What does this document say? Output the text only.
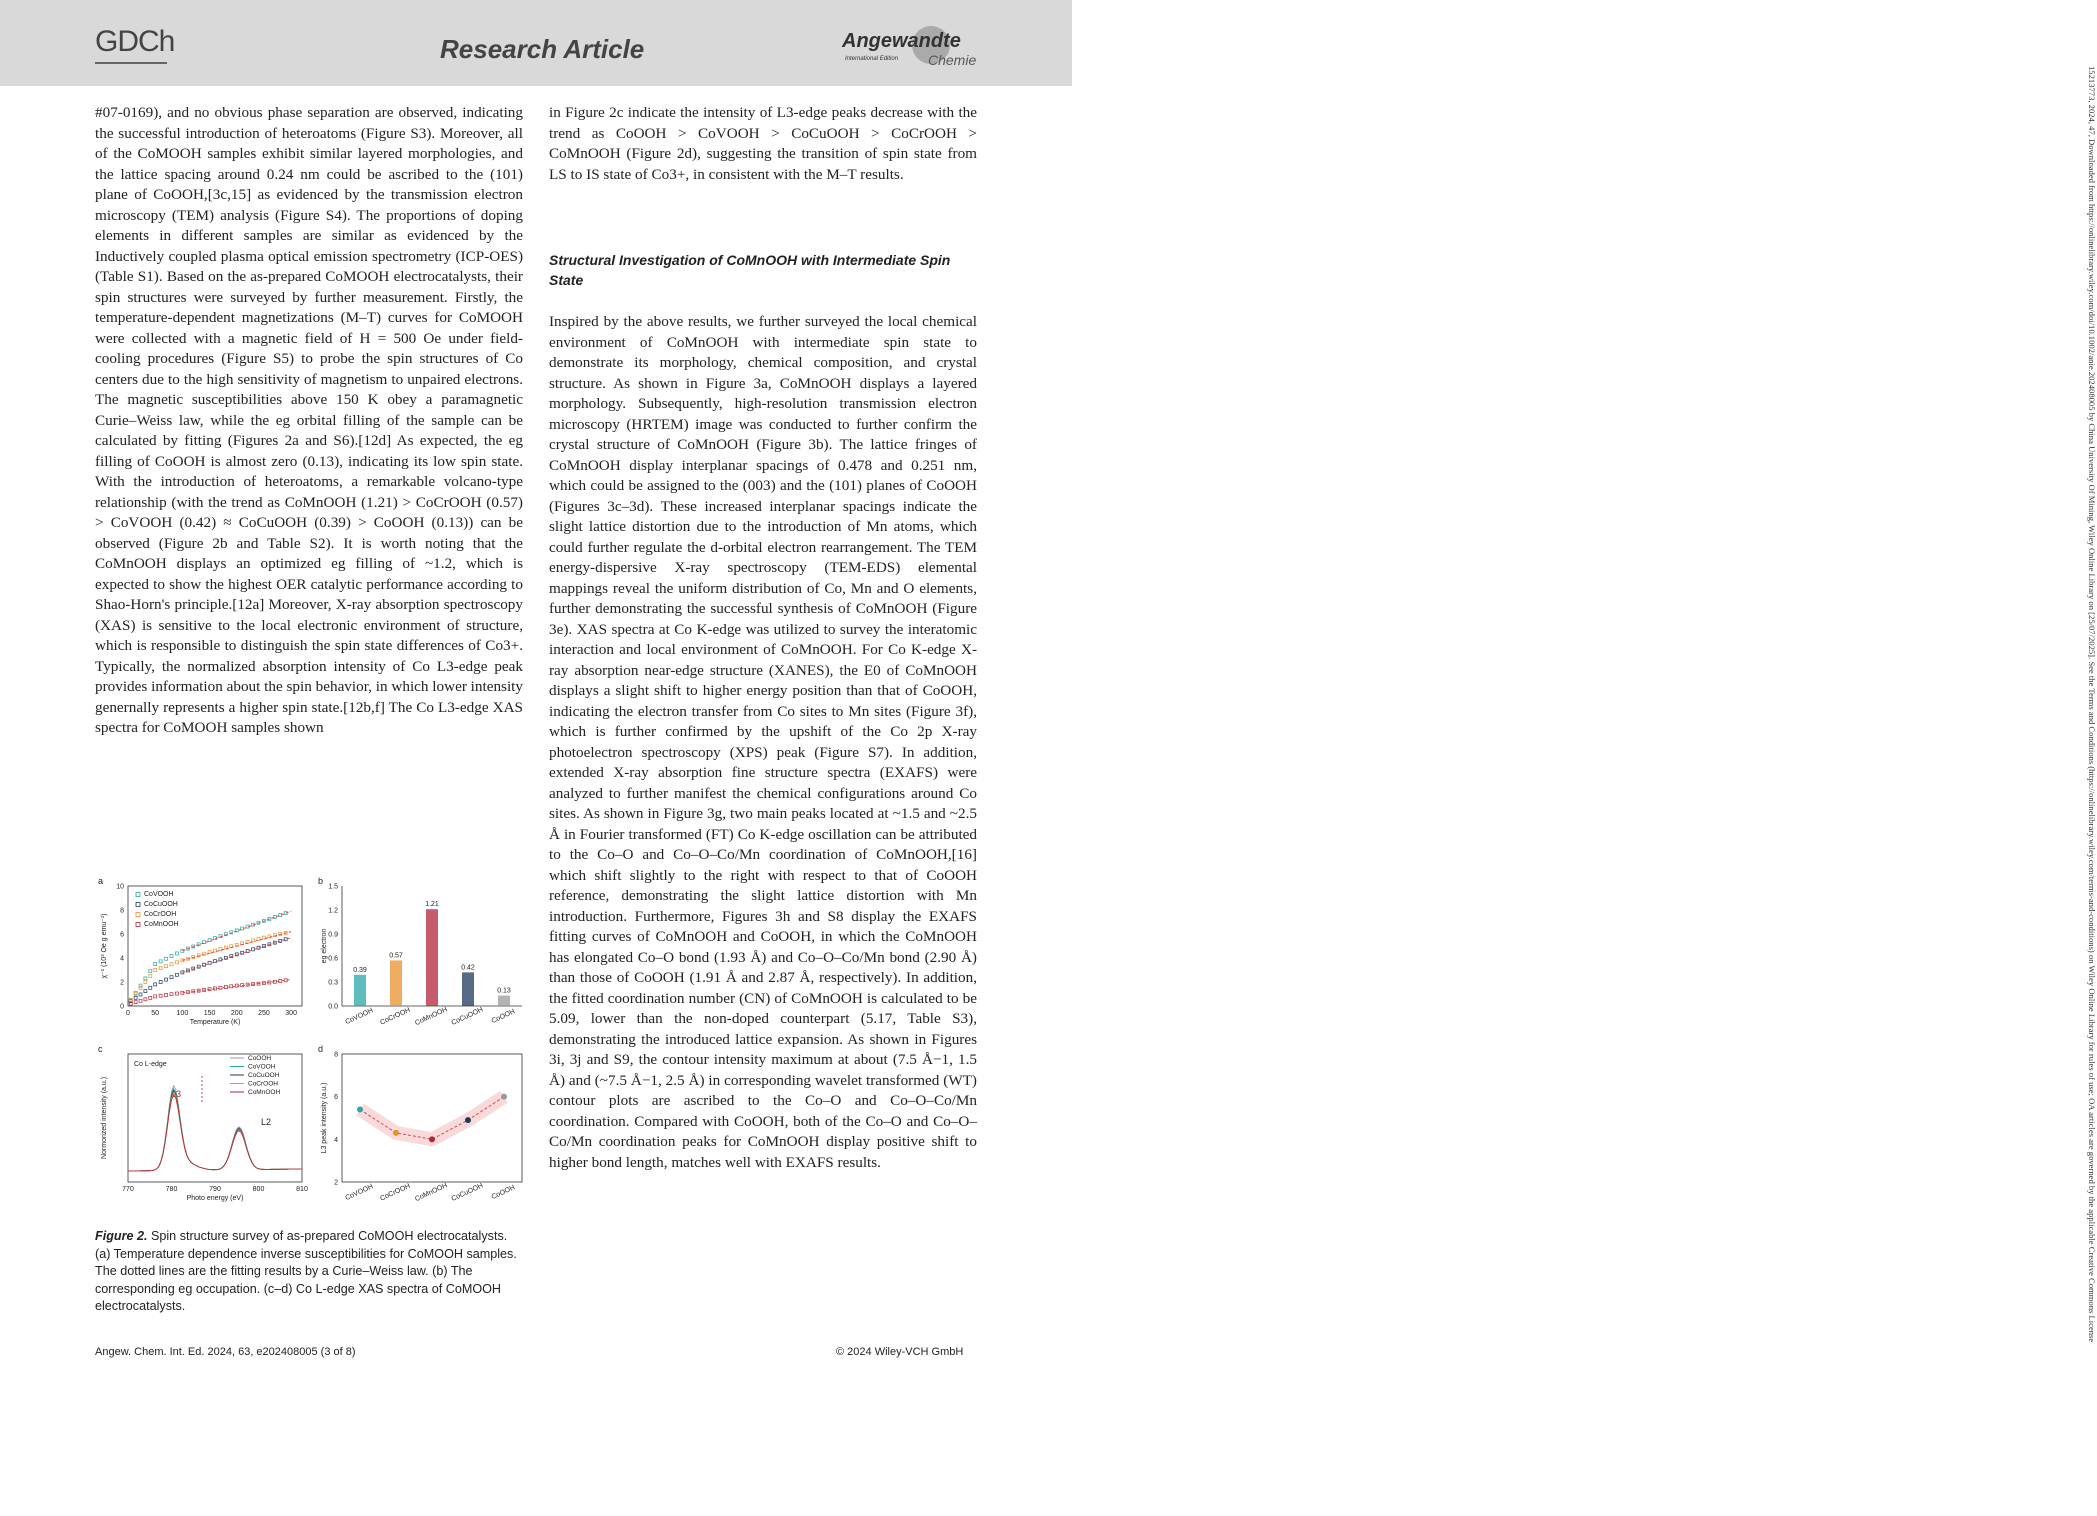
GDCh	Research Article	Angewandte
International Edition Chemie
15213773, 2024, 47, Downloaded from https://onlinelibrary.wiley.com/doi/10.1002/anie.202408005 by China University Of Mining, Wiley Online Library on [25/07/2025]. See the Terms and Conditions (https://onlinelibrary.wiley.com/terms-and-conditions) on Wiley Online Library for rules of use; OA articles are governed by the applicable Creative Commons License

#07-0169), and no obvious phase separation are observed, indicating the successful introduction of heteroatoms (Figure S3). Moreover, all of the CoMOOH samples exhibit similar layered morphologies, and the lattice spacing around 0.24 nm could be ascribed to the (101) plane of CoOOH,[3c,15] as evidenced by the transmission electron microscopy (TEM) analysis (Figure S4). The proportions of doping elements in different samples are similar as evidenced by the Inductively coupled plasma optical emission spectrometry (ICP-OES) (Table S1). Based on the as-prepared CoMOOH electrocatalysts, their spin structures were surveyed by further measurement. Firstly, the temperature-dependent magnetizations (M–T) curves for CoMOOH were collected with a magnetic field of H = 500 Oe under field-cooling procedures (Figure S5) to probe the spin structures of Co centers due to the high sensitivity of magnetism to unpaired electrons. The magnetic susceptibilities above 150 K obey a paramagnetic Curie–Weiss law, while the eg orbital filling of the sample can be calculated by fitting (Figures 2a and S6).[12d] As expected, the eg filling of CoOOH is almost zero (0.13), indicating its low spin state. With the introduction of heteroatoms, a remarkable volcano-type relationship (with the trend as CoMnOOH (1.21) > CoCrOOH (0.57) > CoVOOH (0.42) ≈ CoCuOOH (0.39) > CoOOH (0.13)) can be observed (Figure 2b and Table S2). It is worth noting that the CoMnOOH displays an optimized eg filling of ~1.2, which is expected to show the highest OER catalytic performance according to Shao-Horn's principle.[12a] Moreover, X-ray absorption spectroscopy (XAS) is sensitive to the local electronic environment of structure, which is responsible to distinguish the spin state differences of Co3+. Typically, the normalized absorption intensity of Co L3-edge peak provides information about the spin behavior, in which lower intensity genernally represents a higher spin state.[12b,f] The Co L3-edge XAS spectra for CoMOOH samples shown

in Figure 2c indicate the intensity of L3-edge peaks decrease with the trend as CoOOH > CoVOOH > CoCuOOH > CoCrOOH > CoMnOOH (Figure 2d), suggesting the transition of spin state from LS to IS state of Co3+, in consistent with the M–T results.

Structural Investigation of CoMnOOH with Intermediate Spin State

Inspired by the above results, we further surveyed the local chemical environment of CoMnOOH with intermediate spin state to demonstrate its morphology, chemical composition, and crystal structure. As shown in Figure 3a, CoMnOOH displays a layered morphology. Subsequently, high-resolution transmission electron microscopy (HRTEM) image was conducted to further confirm the crystal structure of CoMnOOH (Figure 3b). The lattice fringes of CoMnOOH display interplanar spacings of 0.478 and 0.251 nm, which could be assigned to the (003) and the (101) planes of CoOOH (Figures 3c–3d). These increased interplanar spacings indicate the slight lattice distortion due to the introduction of Mn atoms, which could further regulate the d-orbital electron rearrangement. The TEM energy-dispersive X-ray spectroscopy (TEM-EDS) elemental mappings reveal the uniform distribution of Co, Mn and O elements, further demonstrating the successful synthesis of CoMnOOH (Figure 3e). XAS spectra at Co K-edge was utilized to survey the interatomic interaction and local environment of CoMnOOH. For Co K-edge X-ray absorption near-edge structure (XANES), the E0 of CoMnOOH displays a slight shift to higher energy position than that of CoOOH, indicating the electron transfer from Co sites to Mn sites (Figure 3f), which is further confirmed by the upshift of the Co 2p X-ray photoelectron spectroscopy (XPS) peak (Figure S7). In addition, extended X-ray absorption fine structure spectra (EXAFS) were analyzed to further manifest the chemical configurations around Co sites. As shown in Figure 3g, two main peaks located at ~1.5 and ~2.5 Å in Fourier transformed (FT) Co K-edge oscillation can be attributed to the Co–O and Co–O–Co/Mn coordination of CoMnOOH,[16] which shift slightly to the right with respect to that of CoOOH reference, demonstrating the slight lattice distortion with Mn introduction. Furthermore, Figures 3h and S8 display the EXAFS fitting curves of CoMnOOH and CoOOH, in which the CoMnOOH has elongated Co–O bond (1.93 Å) and Co–O–Co/Mn bond (2.90 Å) than those of CoOOH (1.91 Å and 2.87 Å, respectively). In addition, the fitted coordination number (CN) of CoMnOOH is calculated to be 5.09, lower than the non-doped counterpart (5.17, Table S3), demonstrating the introduced lattice expansion. As shown in Figures 3i, 3j and S9, the contour intensity maximum at about (7.5 Å−1, 1.5 Å) and (~7.5 Å−1, 2.5 Å) in corresponding wavelet transformed (WT) contour plots are ascribed to the Co–O and Co–O–Co/Mn coordination. Compared with CoOOH, both of the Co–O and Co–O–Co/Mn coordination peaks for CoMnOOH display positive shift to higher bond length, matches well with EXAFS results.

a	b
c	d
0	50 100 150 200 250 300
0
2
4
6
8
10
Temperature (K)
χ⁻¹ (10³ Oe g emu⁻¹)
CoVOOH
CoCuOOH
CoCrOOH
CoMnOOH
0.0
0.3
0.6
0.9
1.2
1.5
eg electron
0.39
CoVOOH
0.57
CoCrOOH
1.21
CoMnOOH
0.42
CoCuOOH
0.13
CoOOH
770	780	790	800	810
Photo energy (eV)
Normorized intensity (a.u.)
Co L-edge
L3
L2
CoOOH
CoVOOH
CoCuOOH
CoCrOOH
CoMnOOH
2
4
6
8
L3 peak intensity (a.u.)
CoVOOH CoCrOOH CoMnOOH CoCuOOH CoOOH
Figure 2. Spin structure survey of as-prepared CoMOOH electrocatalysts. (a) Temperature dependence inverse susceptibilities for CoMOOH samples. The dotted lines are the fitting results by a Curie–Weiss law. (b) The corresponding eg occupation. (c–d) Co L-edge XAS spectra of CoMOOH electrocatalysts.
Angew. Chem. Int. Ed. 2024, 63, e202408005 (3 of 8)	© 2024 Wiley-VCH GmbH
